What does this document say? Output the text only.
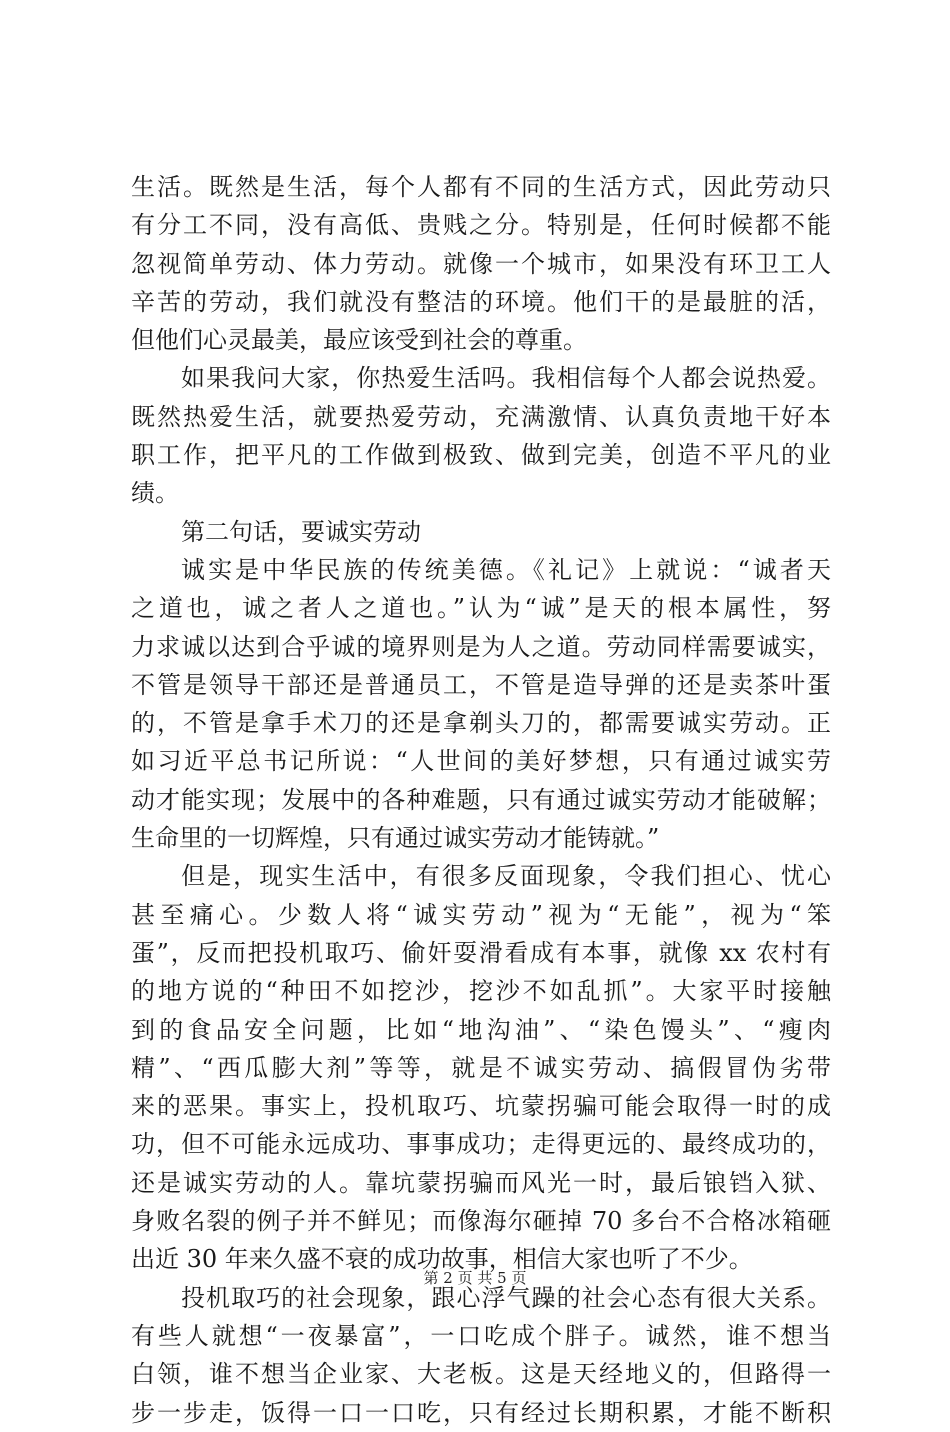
生活。既然是生活，每个人都有不同的生活方式，因此劳动只
有分工不同，没有高低、贵贱之分。特别是，任何时候都不能
忽视简单劳动、体力劳动。就像一个城市，如果没有环卫工人
辛苦的劳动，我们就没有整洁的环境。他们干的是最脏的活，
但他们心灵最美，最应该受到社会的尊重。
如果我问大家，你热爱生活吗。我相信每个人都会说热爱。
既然热爱生活，就要热爱劳动，充满激情、认真负责地干好本
职工作，把平凡的工作做到极致、做到完美，创造不平凡的业
绩。
第二句话，要诚实劳动
诚实是中华民族的传统美德。《礼记》上就说：“诚者天
之道也，诚之者人之道也。”认为“诚”是天的根本属性，努
力求诚以达到合乎诚的境界则是为人之道。劳动同样需要诚实，
不管是领导干部还是普通员工，不管是造导弹的还是卖茶叶蛋
的，不管是拿手术刀的还是拿剃头刀的，都需要诚实劳动。正
如习近平总书记所说：“人世间的美好梦想，只有通过诚实劳
动才能实现；发展中的各种难题，只有通过诚实劳动才能破解；
生命里的一切辉煌，只有通过诚实劳动才能铸就。”
但是，现实生活中，有很多反面现象，令我们担心、忧心
甚至痛心。少数人将“诚实劳动”视为“无能”，视为“笨
蛋”，反而把投机取巧、偷奸耍滑看成有本事，就像 xx 农村有
的地方说的“种田不如挖沙，挖沙不如乱抓”。大家平时接触
到的食品安全问题，比如“地沟油”、“染色馒头”、“瘦肉
精”、“西瓜膨大剂”等等，就是不诚实劳动、搞假冒伪劣带
来的恶果。事实上，投机取巧、坑蒙拐骗可能会取得一时的成
功，但不可能永远成功、事事成功；走得更远的、最终成功的，
还是诚实劳动的人。靠坑蒙拐骗而风光一时，最后锒铛入狱、
身败名裂的例子并不鲜见；而像海尔砸掉 70 多台不合格冰箱砸
出近 30 年来久盛不衰的成功故事，相信大家也听了不少。
投机取巧的社会现象，跟心浮气躁的社会心态有很大关系。
有些人就想“一夜暴富”，一口吃成个胖子。诚然，谁不想当
白领，谁不想当企业家、大老板。这是天经地义的，但路得一
步一步走，饭得一口一口吃，只有经过长期积累，才能不断积
第 2 页 共 5 页
